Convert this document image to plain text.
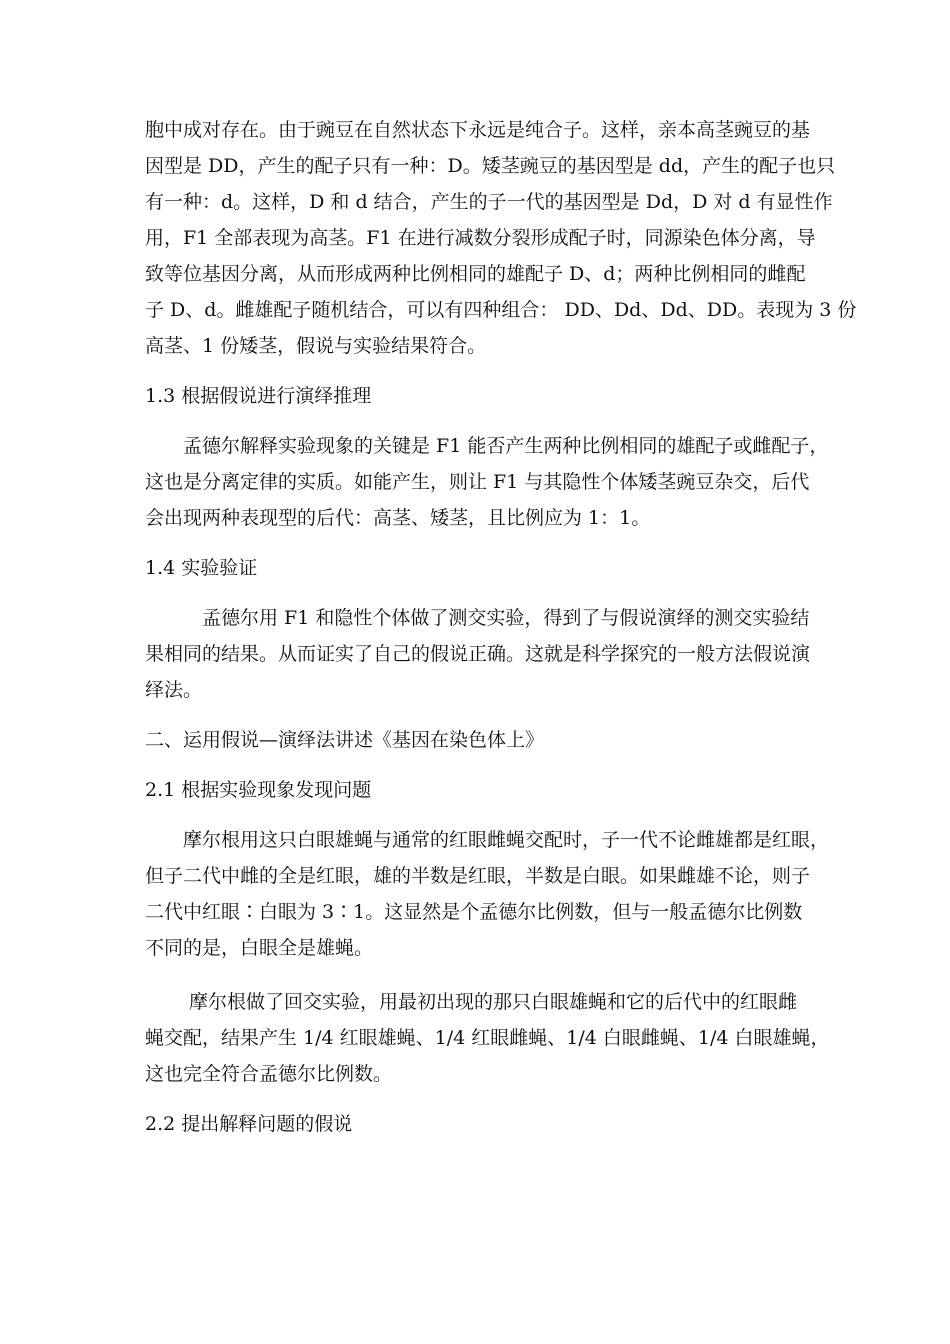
胞中成对存在。由于豌豆在自然状态下永远是纯合子。这样，亲本高茎豌豆的基

因型是 DD，产生的配子只有一种：D。矮茎豌豆的基因型是 dd，产生的配子也只

有一种：d。这样，D 和 d 结合，产生的子一代的基因型是 Dd，D 对 d 有显性作

用，F1 全部表现为高茎。F1 在进行减数分裂形成配子时，同源染色体分离，导

致等位基因分离，从而形成两种比例相同的雄配子 D、d；两种比例相同的雌配

子 D、d。雌雄配子随机结合，可以有四种组合： DD、Dd、Dd、DD。表现为 3 份

高茎、1 份矮茎，假说与实验结果符合。

1.3 根据假说进行演绎推理

　　孟德尔解释实验现象的关键是 F1 能否产生两种比例相同的雄配子或雌配子，

这也是分离定律的实质。如能产生，则让 F1 与其隐性个体矮茎豌豆杂交，后代

会出现两种表现型的后代：高茎、矮茎，且比例应为 1：1。

1.4 实验验证

　　　孟德尔用 F1 和隐性个体做了测交实验，得到了与假说演绎的测交实验结

果相同的结果。从而证实了自己的假说正确。这就是科学探究的一般方法假说演

绎法。

二、运用假说—演绎法讲述《基因在染色体上》

2.1 根据实验现象发现问题

　　摩尔根用这只白眼雄蝇与通常的红眼雌蝇交配时，子一代不论雌雄都是红眼，

但子二代中雌的全是红眼，雄的半数是红眼，半数是白眼。如果雌雄不论，则子

二代中红眼∶白眼为 3∶1。这显然是个孟德尔比例数，但与一般孟德尔比例数

不同的是，白眼全是雄蝇。

　　 摩尔根做了回交实验，用最初出现的那只白眼雄蝇和它的后代中的红眼雌

蝇交配，结果产生 1/4 红眼雄蝇、1/4 红眼雌蝇、1/4 白眼雌蝇、1/4 白眼雄蝇，

这也完全符合孟德尔比例数。

2.2 提出解释问题的假说
